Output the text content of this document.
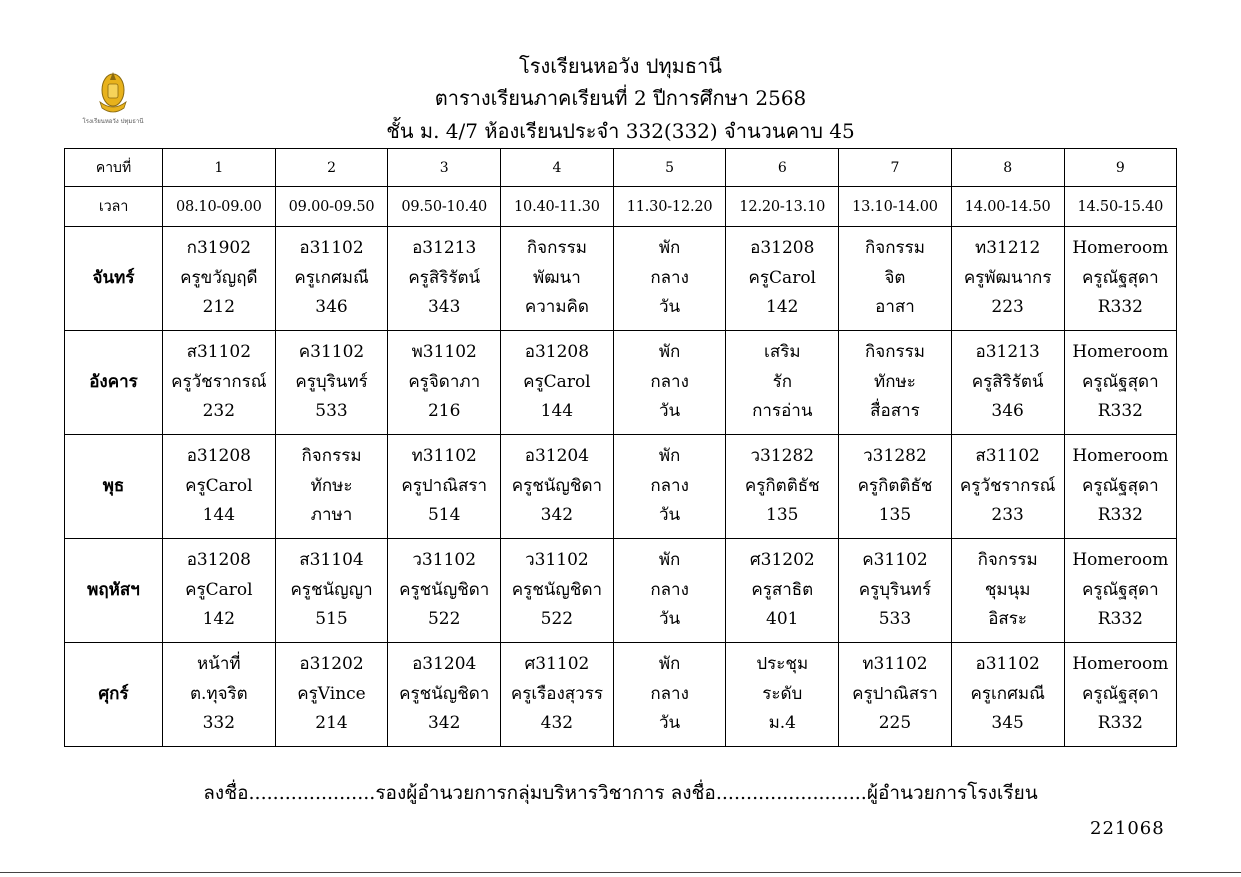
โรงเรียนหอวัง ปทุมธานี
โรงเรียนหอวัง ปทุมธานี
ตารางเรียนภาคเรียนที่ 2 ปีการศึกษา 2568
ชั้น ม. 4/7 ห้องเรียนประจำ 332(332) จำนวนคาบ 45
คาบที่	1	2	3	4	5	6	7	8	9
เวลา	08.10-09.00	09.00-09.50	09.50-10.40	10.40-11.30	11.30-12.20	12.20-13.10	13.10-14.00	14.00-14.50	14.50-15.40
จันทร์	ก31902
ครูขวัญฤดี
212	อ31102
ครูเกศมณี
346	อ31213
ครูสิริรัตน์
343	กิจกรรม
พัฒนา
ความคิด	พัก
กลาง
วัน	อ31208
ครูCarol
142	กิจกรรม
จิต
อาสา	ท31212
ครูพัฒนากร
223	Homeroom
ครูณัฐสุดา
R332

อังคาร	ส31102
ครูวัชรากรณ์
232	ค31102
ครูบุรินทร์
533	พ31102
ครูจิดาภา
216	อ31208
ครูCarol
144	พัก
กลาง
วัน	เสริม
รัก
การอ่าน	กิจกรรม
ทักษะ
สื่อสาร	อ31213
ครูสิริรัตน์
346	Homeroom
ครูณัฐสุดา
R332

พุธ	อ31208
ครูCarol
144	กิจกรรม
ทักษะ
ภาษา	ท31102
ครูปาณิสรา
514	อ31204
ครูชนัญชิดา
342	พัก
กลาง
วัน	ว31282
ครูกิตติธัช
135	ว31282
ครูกิตติธัช
135	ส31102
ครูวัชรากรณ์
233	Homeroom
ครูณัฐสุดา
R332

พฤหัสฯ	อ31208
ครูCarol
142	ส31104
ครูชนัญญา
515	ว31102
ครูชนัญชิดา
522	ว31102
ครูชนัญชิดา
522	พัก
กลาง
วัน	ศ31202
ครูสาธิต
401	ค31102
ครูบุรินทร์
533	กิจกรรม
ชุมนุม
อิสระ	Homeroom
ครูณัฐสุดา
R332

ศุกร์	หน้าที่
ต.ทุจริต
332	อ31202
ครูVince
214	อ31204
ครูชนัญชิดา
342	ศ31102
ครูเรืองสุวรร
432	พัก
กลาง
วัน	ประชุม
ระดับ
ม.4	ท31102
ครูปาณิสรา
225	อ31102
ครูเกศมณี
345	Homeroom
ครูณัฐสุดา
R332
ลงชื่อ.....................รองผู้อำนวยการกลุ่มบริหารวิชาการ ลงชื่อ.........................ผู้อำนวยการโรงเรียน
221068
